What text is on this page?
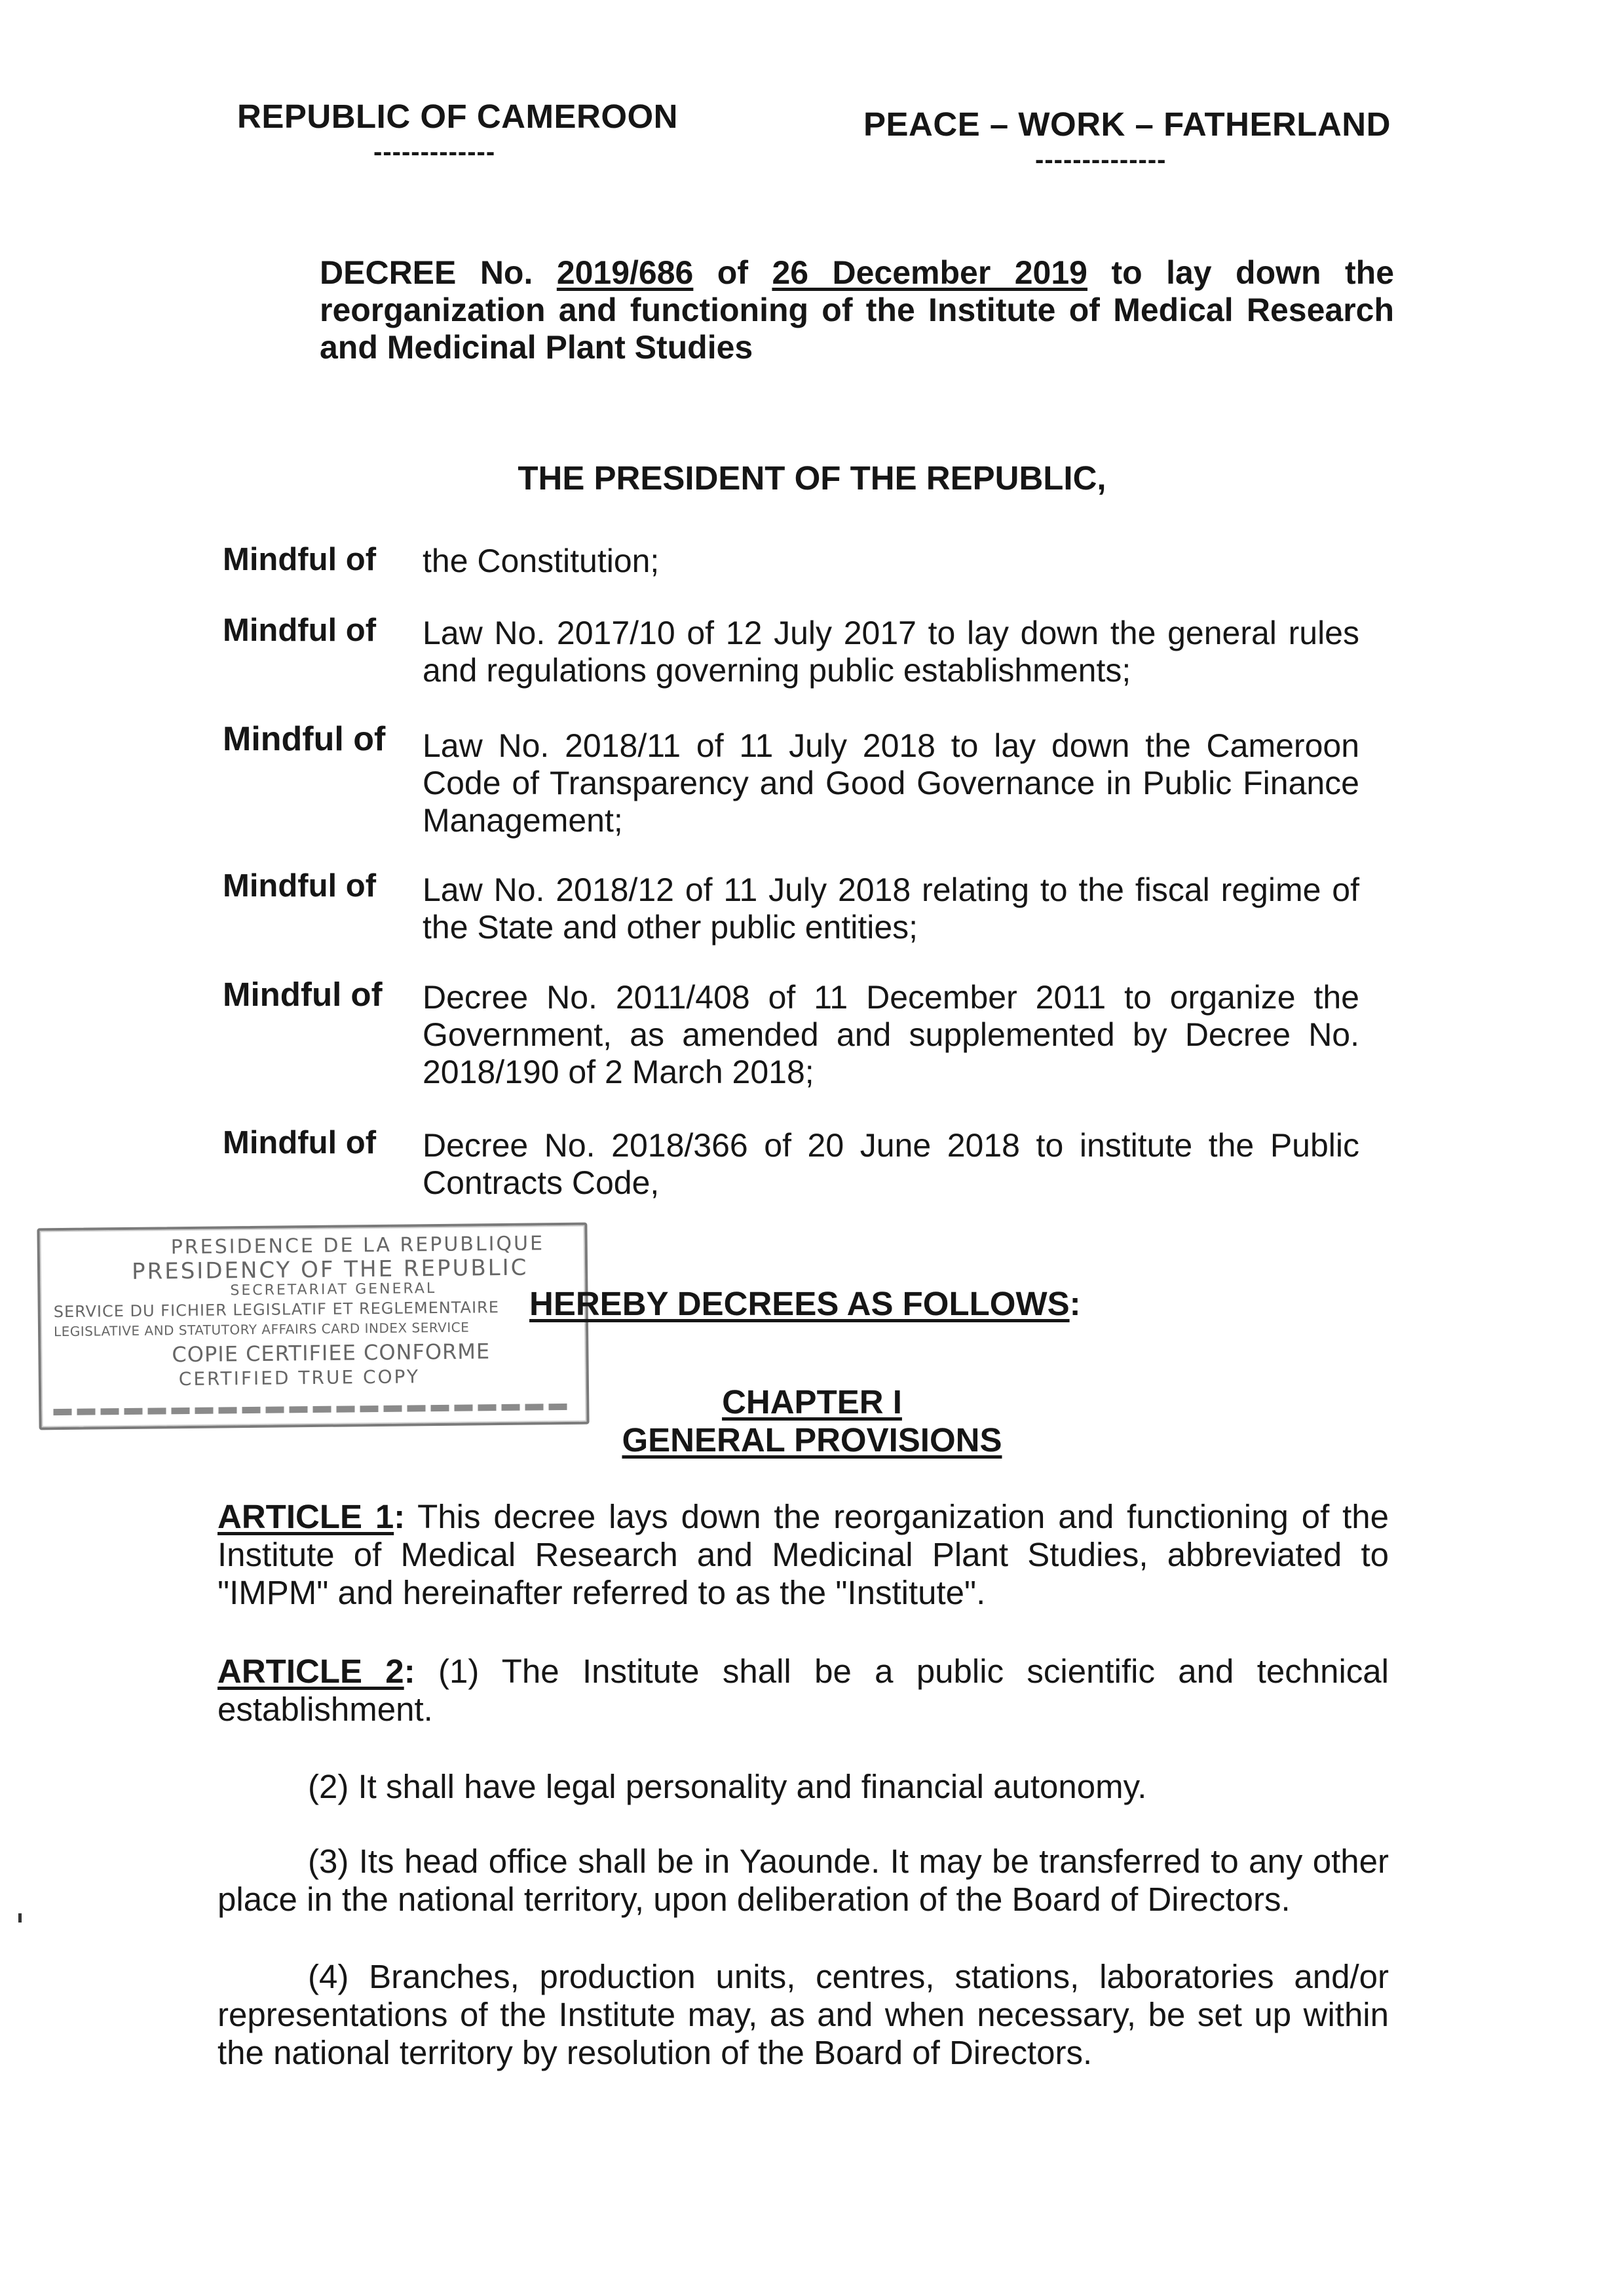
REPUBLIC OF CAMEROON
-------------
PEACE – WORK – FATHERLAND
--------------
DECREE No. 2019/686 of 26 December 2019 to lay down the reorganization and functioning of the Institute of Medical Research and Medicinal Plant Studies
THE PRESIDENT OF THE REPUBLIC,
Mindful of	the Constitution;
Mindful of	Law No. 2017/10 of 12 July 2017 to lay down the general rules and regulations governing public establishments;
Mindful of Law No. 2018/11 of 11 July 2018 to lay down the Cameroon Code of Transparency and Good Governance in Public Finance Management;
Mindful of	Law No. 2018/12 of 11 July 2018 relating to the fiscal regime of the State and other public entities;
Mindful of	Decree No. 2011/408 of 11 December 2011 to organize the Government, as amended and supplemented by Decree No. 2018/190 of 2 March 2018;
Mindful of	Decree No. 2018/366 of 20 June 2018 to institute the Public Contracts Code,
PRESIDENCE DE LA REPUBLIQUE
PRESIDENCY OF THE REPUBLIC
SECRETARIAT GENERAL
SERVICE DU FICHIER LEGISLATIF ET REGLEMENTAIRE
LEGISLATIVE AND STATUTORY AFFAIRS CARD INDEX SERVICE
COPIE CERTIFIEE CONFORME
CERTIFIED TRUE COPY
HEREBY DECREES AS FOLLOWS:
CHAPTER I
GENERAL PROVISIONS
ARTICLE 1: This decree lays down the reorganization and functioning of the Institute of Medical Research and Medicinal Plant Studies, abbreviated to "IMPM" and hereinafter referred to as the "Institute".
ARTICLE 2: (1) The Institute shall be a public scientific and technical establishment.
(2) It shall have legal personality and financial autonomy.
(3) Its head office shall be in Yaounde. It may be transferred to any other place in the national territory, upon deliberation of the Board of Directors.
(4) Branches, production units, centres, stations, laboratories and/or representations of the Institute may, as and when necessary, be set up within the national territory by resolution of the Board of Directors.
